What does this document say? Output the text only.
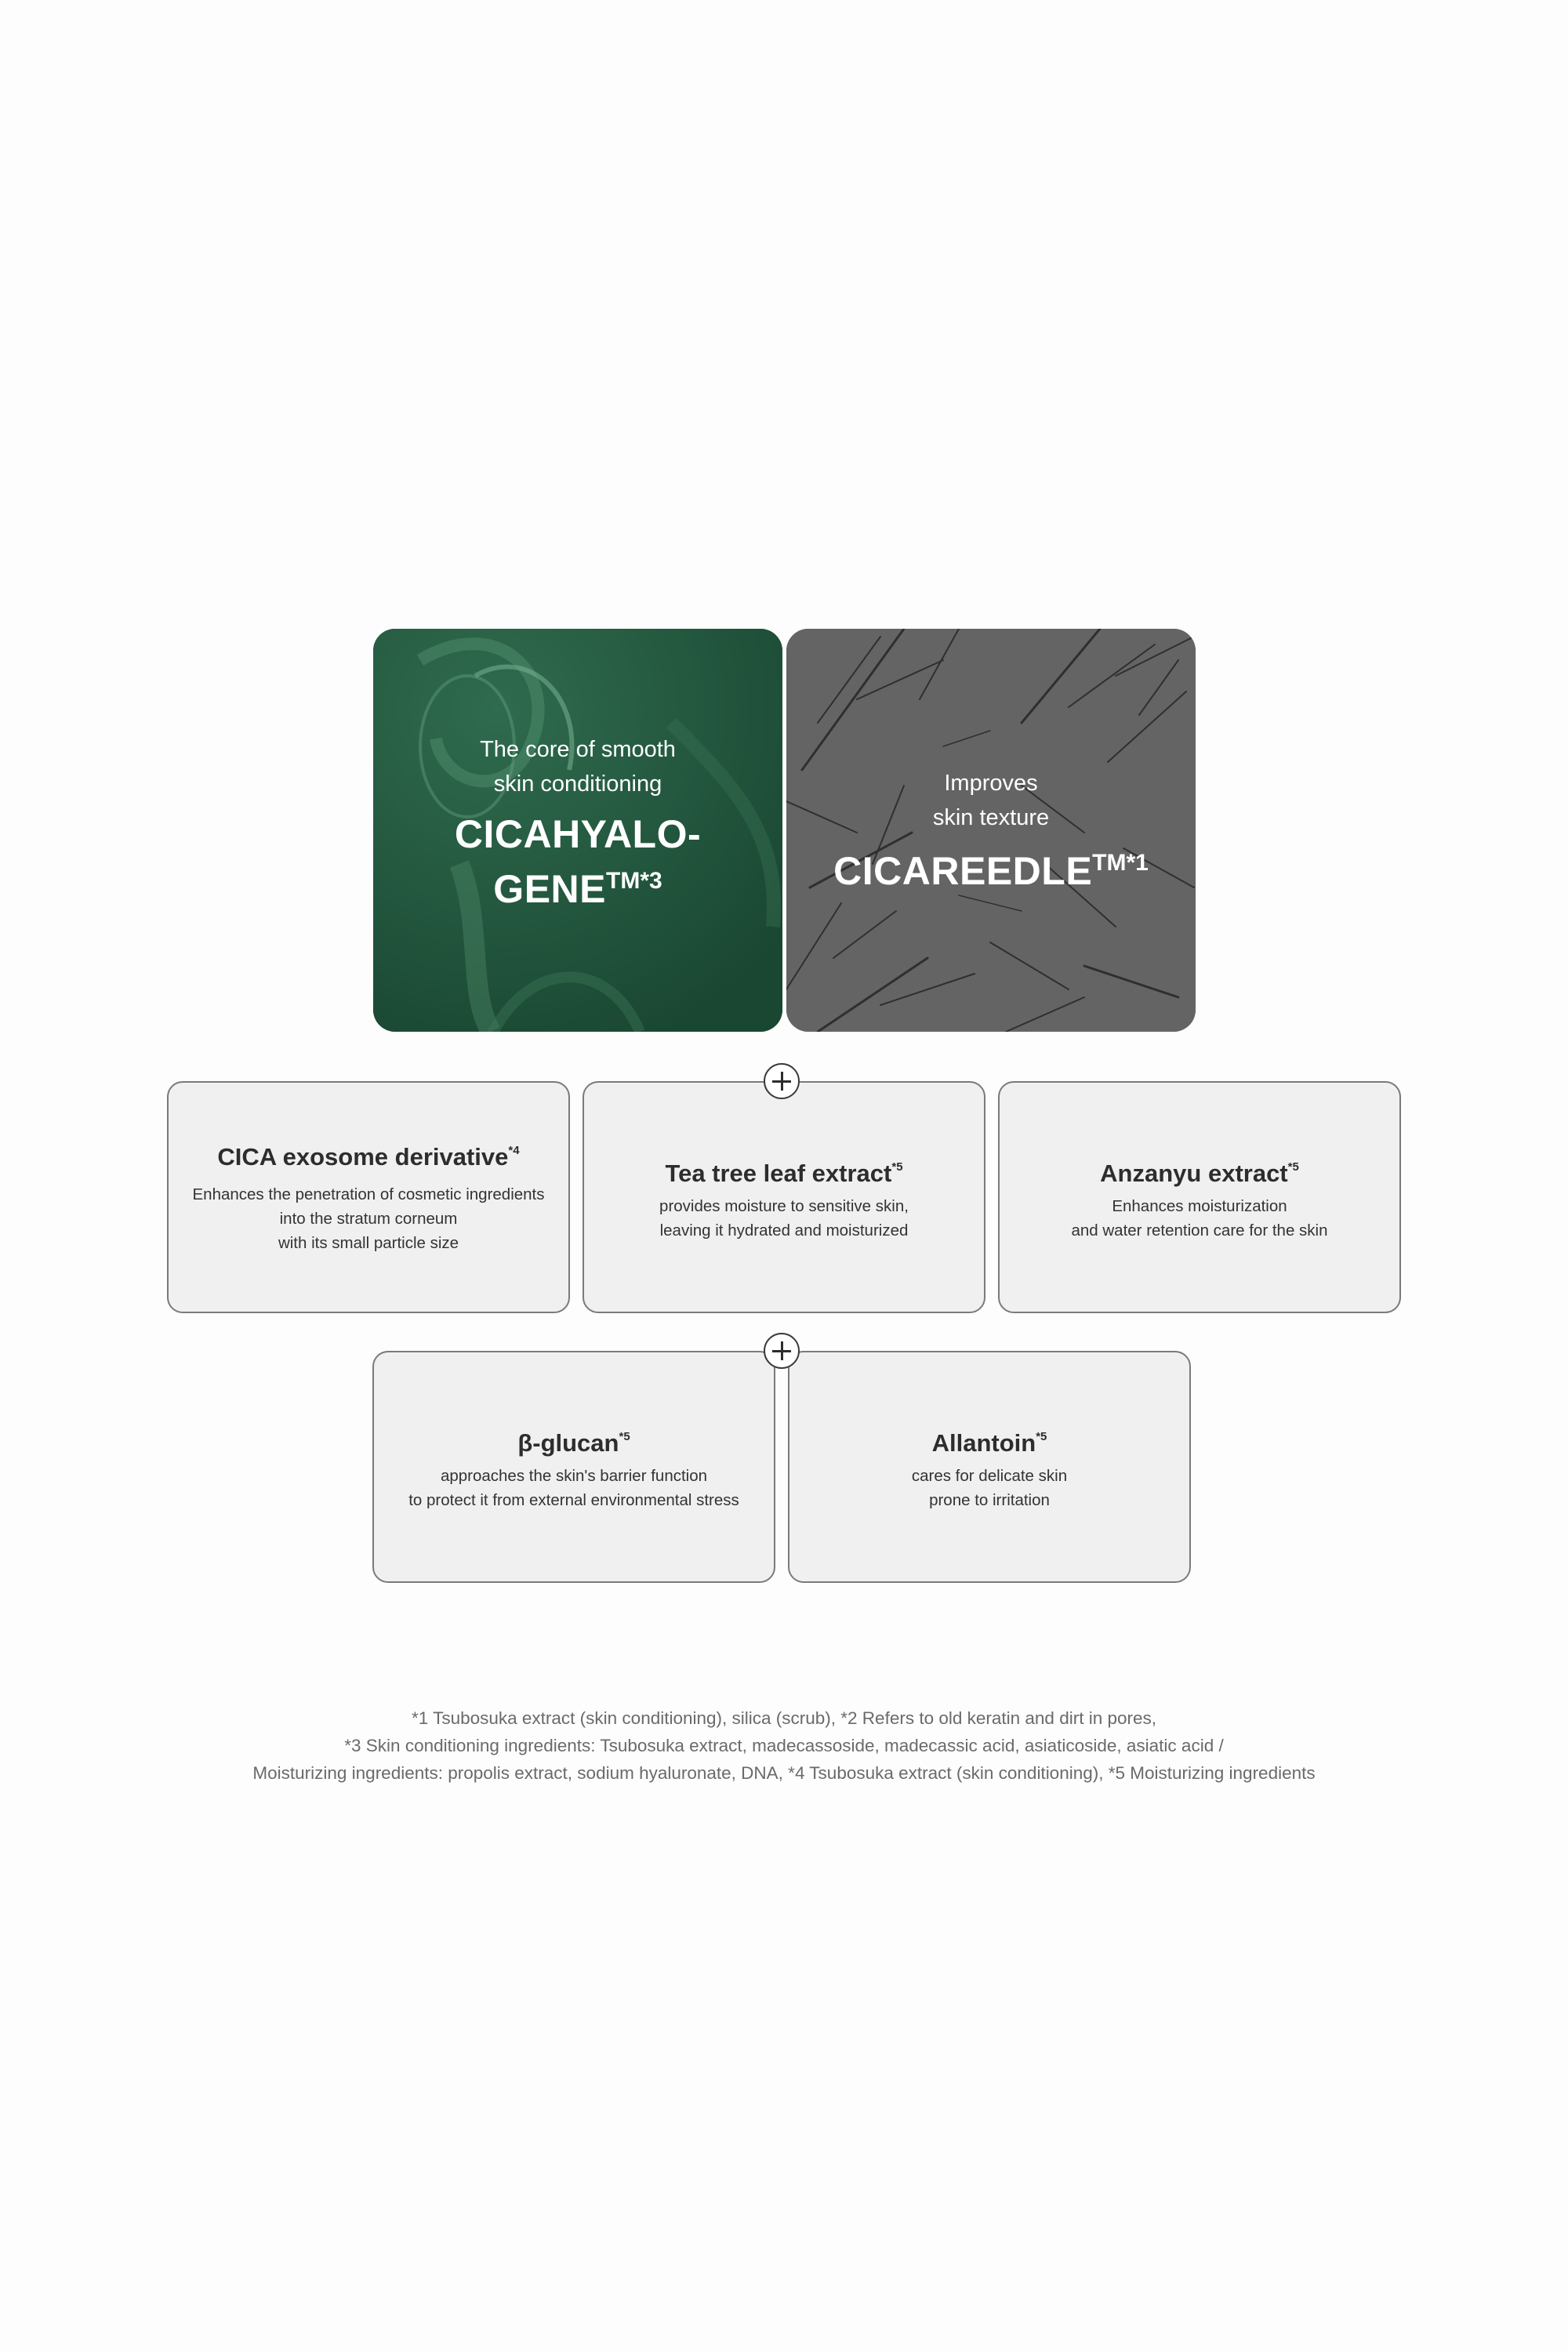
The core of smooth
skin conditioning
CICAHYALO-
$GENE^{TM*3}$
Improves
skin texture
$CICAREEDLE^{TM*1}$
CICA exosome derivative$^{*4}$
Enhances the penetration of cosmetic ingredients
into the stratum corneum
with its small particle size
Tea tree leaf extract$^{*5}$
provides moisture to sensitive skin,
leaving it hydrated and moisturized
Anzanyu extract$^{*5}$
Enhances moisturization
and water retention care for the skin
β-glucan$^{*5}$
approaches the skin's barrier function
to protect it from external environmental stress
Allantoin$^{*5}$
cares for delicate skin
prone to irritation
*1 Tsubosuka extract (skin conditioning), silica (scrub), *2 Refers to old keratin and dirt in pores,
*3 Skin conditioning ingredients: Tsubosuka extract, madecassoside, madecassic acid, asiaticoside, asiatic acid /
Moisturizing ingredients: propolis extract, sodium hyaluronate, DNA, *4 Tsubosuka extract (skin conditioning), *5 Moisturizing ingredients
